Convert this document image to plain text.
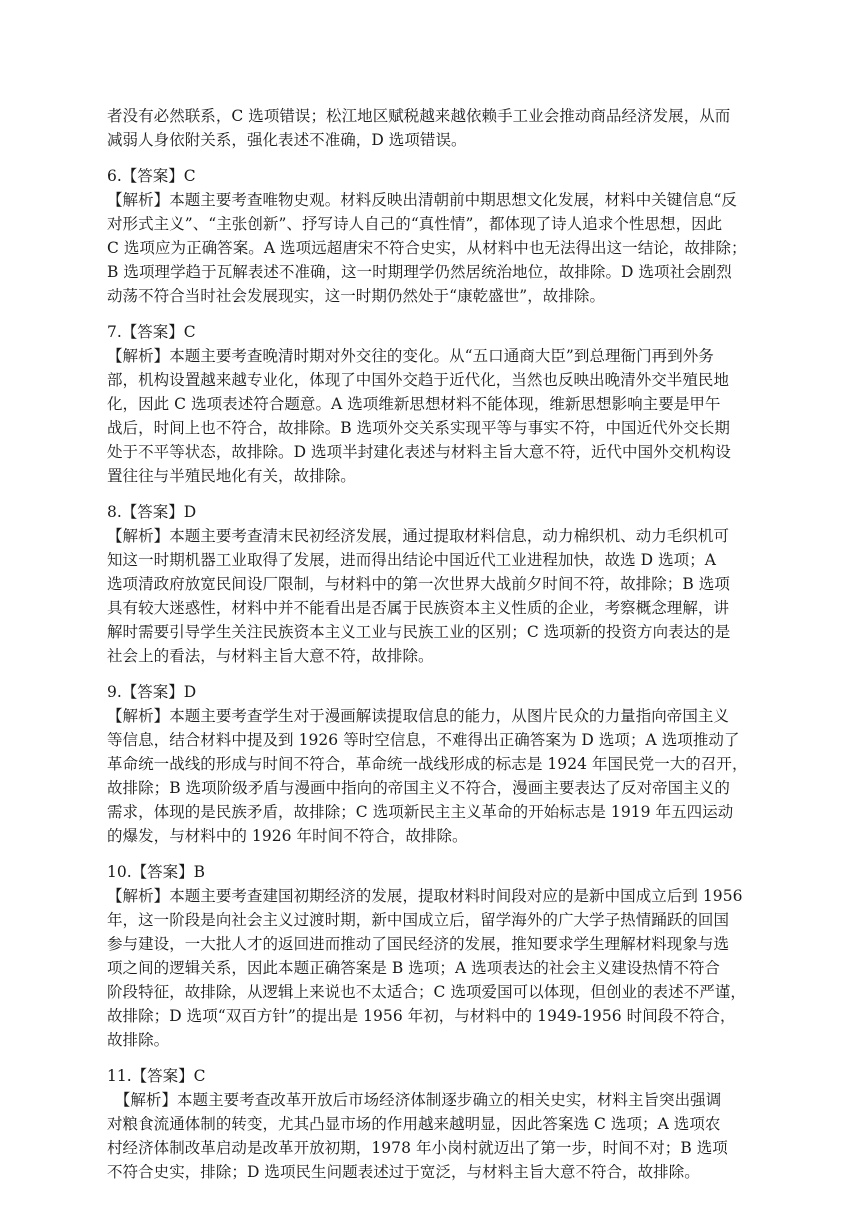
者没有必然联系，C 选项错误；松江地区赋税越来越依赖手工业会推动商品经济发展，从而
减弱人身依附关系，强化表述不准确，D 选项错误。
6.【答案】C
【解析】本题主要考查唯物史观。材料反映出清朝前中期思想文化发展，材料中关键信息“反
对形式主义”、“主张创新”、抒写诗人自己的“真性情”，都体现了诗人追求个性思想，因此
C 选项应为正确答案。A 选项远超唐宋不符合史实，从材料中也无法得出这一结论，故排除；
B 选项理学趋于瓦解表述不准确，这一时期理学仍然居统治地位，故排除。D 选项社会剧烈
动荡不符合当时社会发展现实，这一时期仍然处于“康乾盛世”，故排除。
7.【答案】C
【解析】本题主要考查晚清时期对外交往的变化。从“五口通商大臣”到总理衙门再到外务
部，机构设置越来越专业化，体现了中国外交趋于近代化，当然也反映出晚清外交半殖民地
化，因此 C 选项表述符合题意。A 选项维新思想材料不能体现，维新思想影响主要是甲午
战后，时间上也不符合，故排除。B 选项外交关系实现平等与事实不符，中国近代外交长期
处于不平等状态，故排除。D 选项半封建化表述与材料主旨大意不符，近代中国外交机构设
置往往与半殖民地化有关，故排除。
8.【答案】D
【解析】本题主要考查清末民初经济发展，通过提取材料信息，动力棉织机、动力毛织机可
知这一时期机器工业取得了发展，进而得出结论中国近代工业进程加快，故选 D 选项；A
选项清政府放宽民间设厂限制，与材料中的第一次世界大战前夕时间不符，故排除；B 选项
具有较大迷惑性，材料中并不能看出是否属于民族资本主义性质的企业，考察概念理解，讲
解时需要引导学生关注民族资本主义工业与民族工业的区别；C 选项新的投资方向表达的是
社会上的看法，与材料主旨大意不符，故排除。
9.【答案】D
【解析】本题主要考查学生对于漫画解读提取信息的能力，从图片民众的力量指向帝国主义
等信息，结合材料中提及到 1926 等时空信息，不难得出正确答案为 D 选项；A 选项推动了
革命统一战线的形成与时间不符合，革命统一战线形成的标志是 1924 年国民党一大的召开，
故排除；B 选项阶级矛盾与漫画中指向的帝国主义不符合，漫画主要表达了反对帝国主义的
需求，体现的是民族矛盾，故排除；C 选项新民主主义革命的开始标志是 1919 年五四运动
的爆发，与材料中的 1926 年时间不符合，故排除。
10.【答案】B
【解析】本题主要考查建国初期经济的发展，提取材料时间段对应的是新中国成立后到 1956
年，这一阶段是向社会主义过渡时期，新中国成立后，留学海外的广大学子热情踊跃的回国
参与建设，一大批人才的返回进而推动了国民经济的发展，推知要求学生理解材料现象与选
项之间的逻辑关系，因此本题正确答案是 B 选项；A 选项表达的社会主义建设热情不符合
阶段特征，故排除，从逻辑上来说也不太适合；C 选项爱国可以体现，但创业的表述不严谨，
故排除；D 选项“双百方针”的提出是 1956 年初，与材料中的 1949-1956 时间段不符合，
故排除。
11.【答案】C
　【解析】本题主要考查改革开放后市场经济体制逐步确立的相关史实，材料主旨突出强调
对粮食流通体制的转变，尤其凸显市场的作用越来越明显，因此答案选 C 选项；A 选项农
村经济体制改革启动是改革开放初期，1978 年小岗村就迈出了第一步，时间不对；B 选项
不符合史实，排除；D 选项民生问题表述过于宽泛，与材料主旨大意不符合，故排除。
